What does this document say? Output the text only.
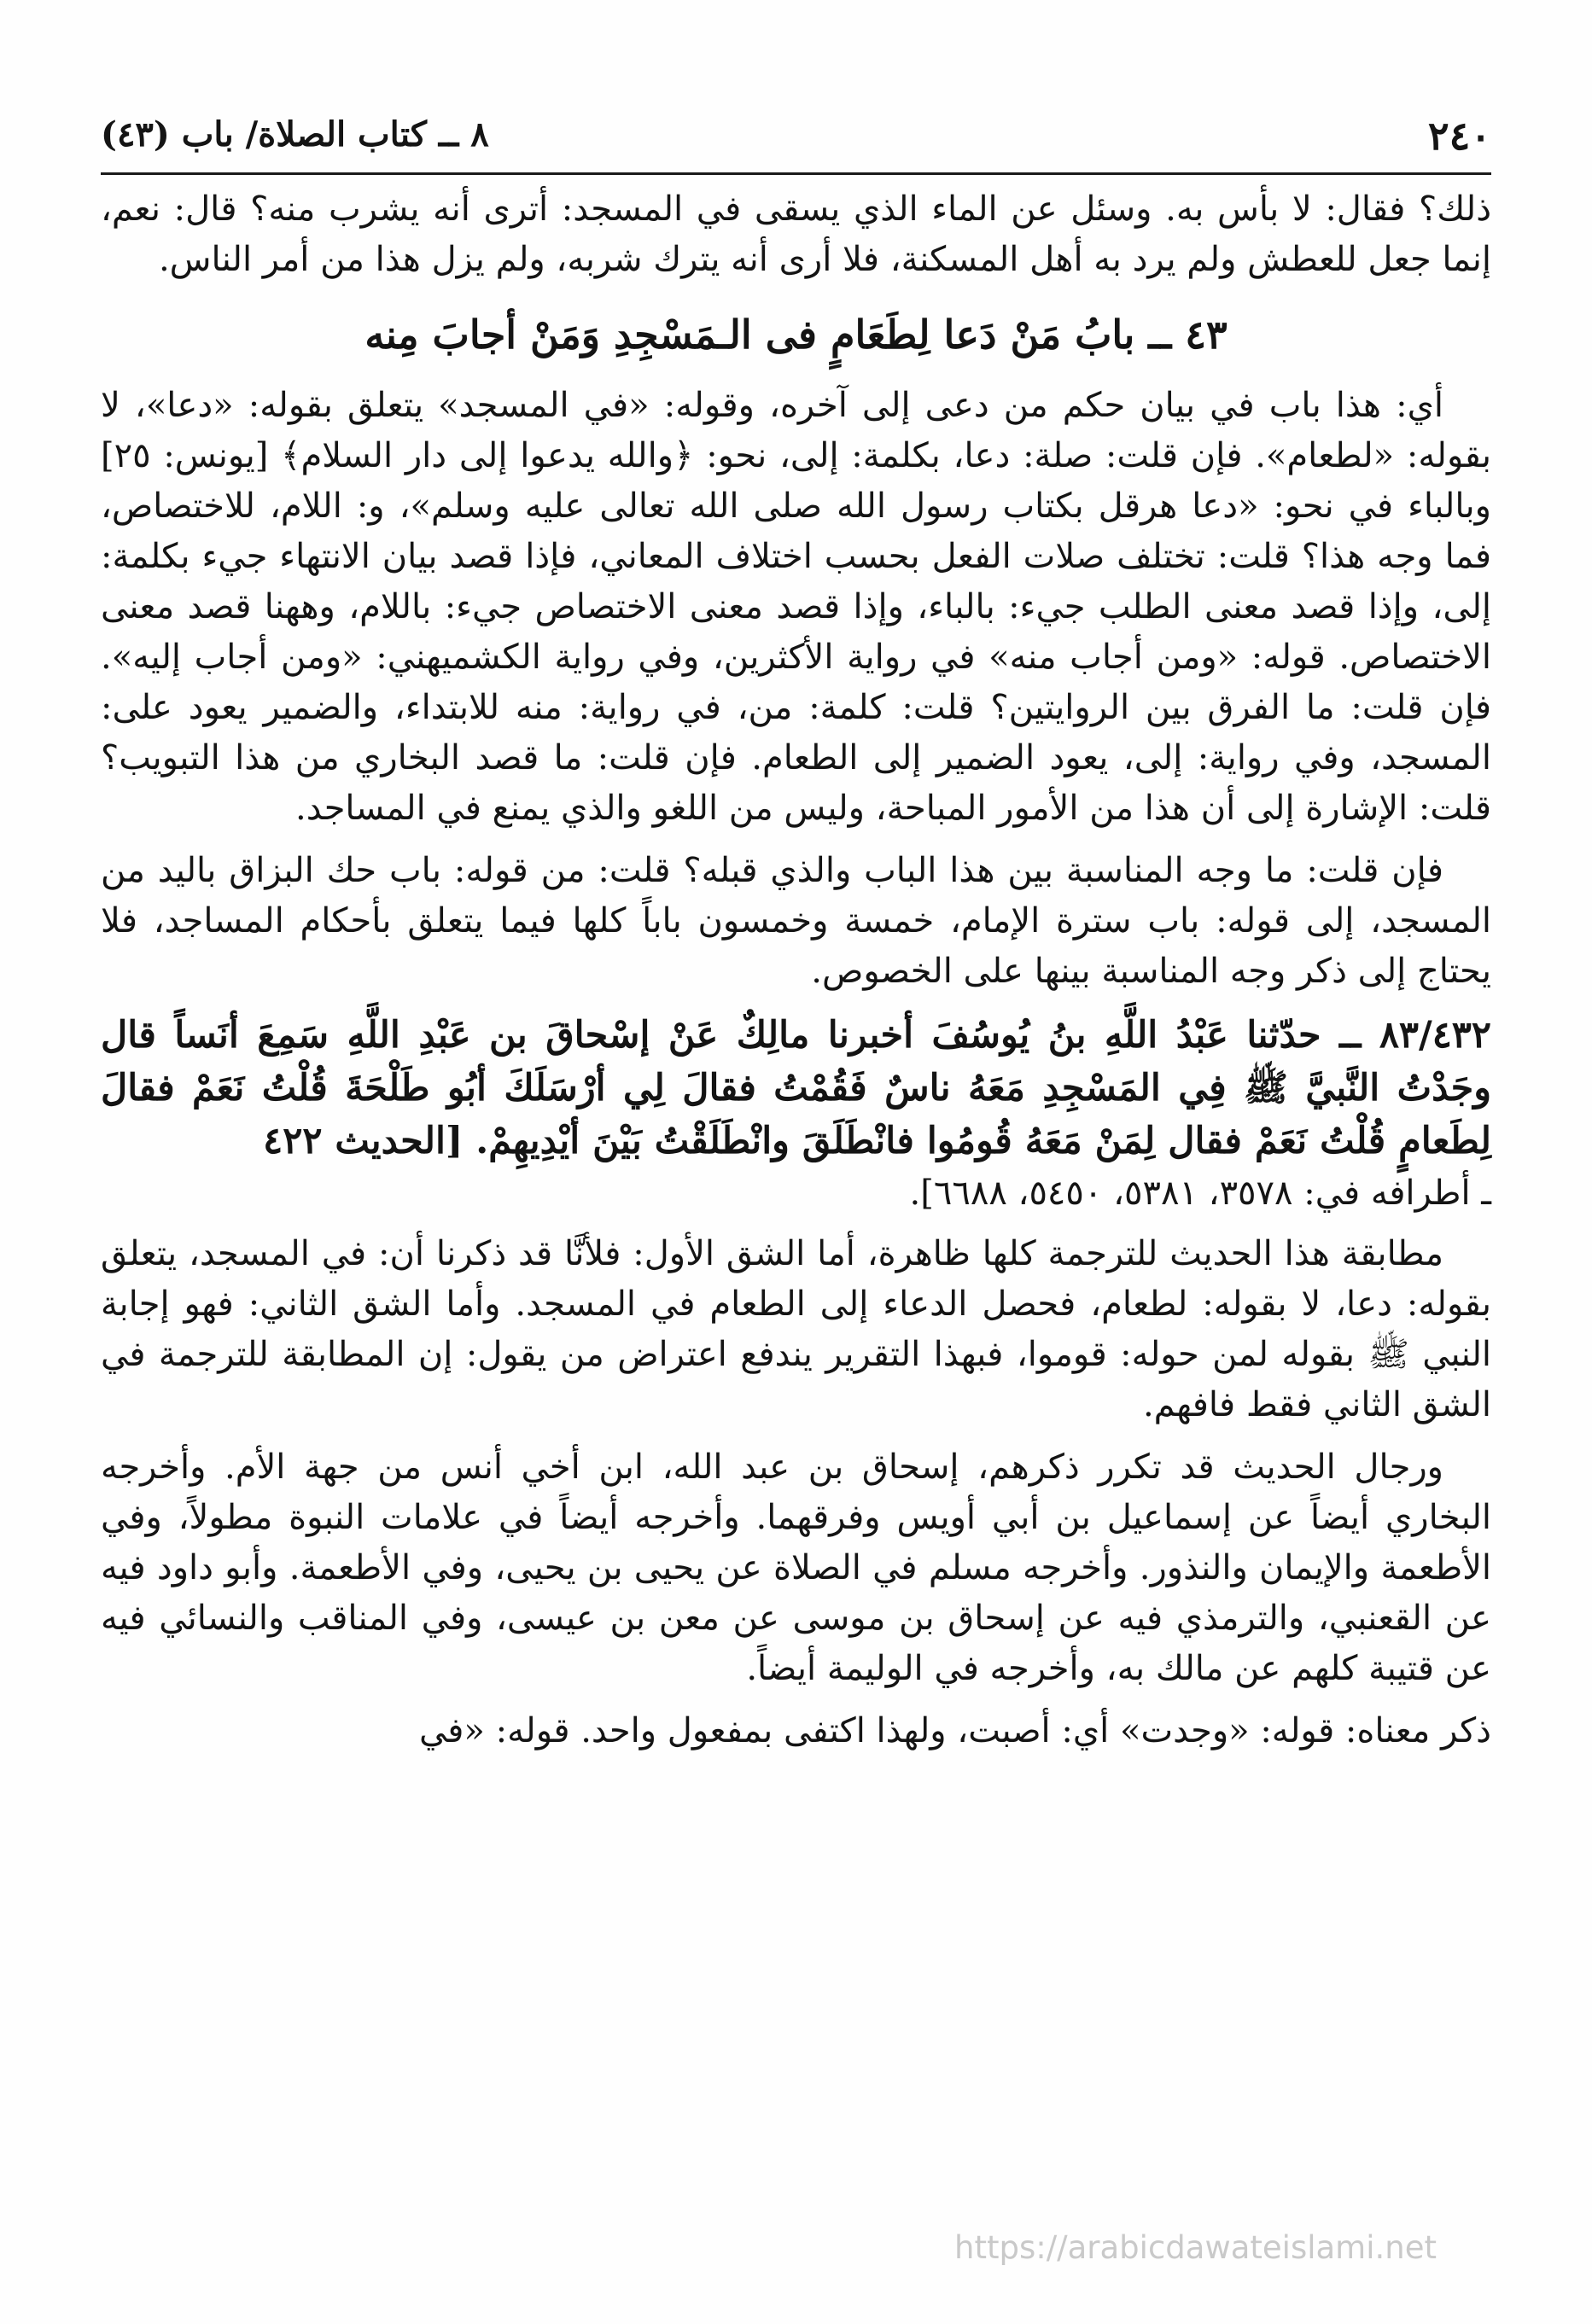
٢٤٠
٨ ــ كتاب الصلاة/ باب (٤٣)

ذلك؟ فقال: لا بأس به. وسئل عن الماء الذي يسقى في المسجد: أترى أنه يشرب منه؟ قال: نعم، إنما جعل للعطش ولم يرد به أهل المسكنة، فلا أرى أنه يترك شربه، ولم يزل هذا من أمر الناس.

٤٣ ــ بابُ مَنْ دَعا لِطَعَامٍ فى الـمَسْجِدِ وَمَنْ أجابَ مِنه

أي: هذا باب في بيان حكم من دعى إلى آخره، وقوله: «في المسجد» يتعلق بقوله: «دعا»، لا بقوله: «لطعام». فإن قلت: صلة: دعا، بكلمة: إلى، نحو: ﴿والله يدعوا إلى دار السلام﴾ [يونس: ٢٥] وبالباء في نحو: «دعا هرقل بكتاب رسول الله صلى الله تعالى عليه وسلم»، و: اللام، للاختصاص، فما وجه هذا؟ قلت: تختلف صلات الفعل بحسب اختلاف المعاني، فإذا قصد بيان الانتهاء جيء بكلمة: إلى، وإذا قصد معنى الطلب جيء: بالباء، وإذا قصد معنى الاختصاص جيء: باللام، وههنا قصد معنى الاختصاص. قوله: «ومن أجاب منه» في رواية الأكثرين، وفي رواية الكشميهني: «ومن أجاب إليه». فإن قلت: ما الفرق بين الروايتين؟ قلت: كلمة: من، في رواية: منه للابتداء، والضمير يعود على: المسجد، وفي رواية: إلى، يعود الضمير إلى الطعام. فإن قلت: ما قصد البخاري من هذا التبويب؟ قلت: الإشارة إلى أن هذا من الأمور المباحة، وليس من اللغو والذي يمنع في المساجد.

فإن قلت: ما وجه المناسبة بين هذا الباب والذي قبله؟ قلت: من قوله: باب حك البزاق باليد من المسجد، إلى قوله: باب سترة الإمام، خمسة وخمسون باباً كلها فيما يتعلق بأحكام المساجد، فلا يحتاج إلى ذكر وجه المناسبة بينها على الخصوص.

٨٣/٤٣٢ ــ حدّثنا عَبْدُ اللَّهِ بنُ يُوسُفَ أخبرنا مالِكٌ عَنْ إسْحاقَ بن عَبْدِ اللَّهِ سَمِعَ أنَساً قال وجَدْتُ النَّبيَّ ﷺ فِي المَسْجِدِ مَعَهُ ناسٌ فَقُمْتُ فقالَ لِي أرْسَلَكَ أبُو طَلْحَةَ قُلْتُ نَعَمْ فقالَ لِطَعامٍ قُلْتُ نَعَمْ فقال لِمَنْ مَعَهُ قُومُوا فانْطَلَقَ وانْطَلَقْتُ بَيْنَ أيْدِيهِمْ. [الحديث ٤٢٢

ـ أطرافه في: ٣٥٧٨، ٥٣٨١، ٥٤٥٠، ٦٦٨٨].

مطابقة هذا الحديث للترجمة كلها ظاهرة، أما الشق الأول: فلأنَّا قد ذكرنا أن: في المسجد، يتعلق بقوله: دعا، لا بقوله: لطعام، فحصل الدعاء إلى الطعام في المسجد. وأما الشق الثاني: فهو إجابة النبي ﷺ بقوله لمن حوله: قوموا، فبهذا التقرير يندفع اعتراض من يقول: إن المطابقة للترجمة في الشق الثاني فقط فافهم.

ورجال الحديث قد تكرر ذكرهم، إسحاق بن عبد الله، ابن أخي أنس من جهة الأم. وأخرجه البخاري أيضاً عن إسماعيل بن أبي أويس وفرقهما. وأخرجه أيضاً في علامات النبوة مطولاً، وفي الأطعمة والإيمان والنذور. وأخرجه مسلم في الصلاة عن يحيى بن يحيى، وفي الأطعمة. وأبو داود فيه عن القعنبي، والترمذي فيه عن إسحاق بن موسى عن معن بن عيسى، وفي المناقب والنسائي فيه عن قتيبة كلهم عن مالك به، وأخرجه في الوليمة أيضاً.

ذكر معناه: قوله: «وجدت» أي: أصبت، ولهذا اكتفى بمفعول واحد. قوله: «في

https://arabicdawateislami.net
